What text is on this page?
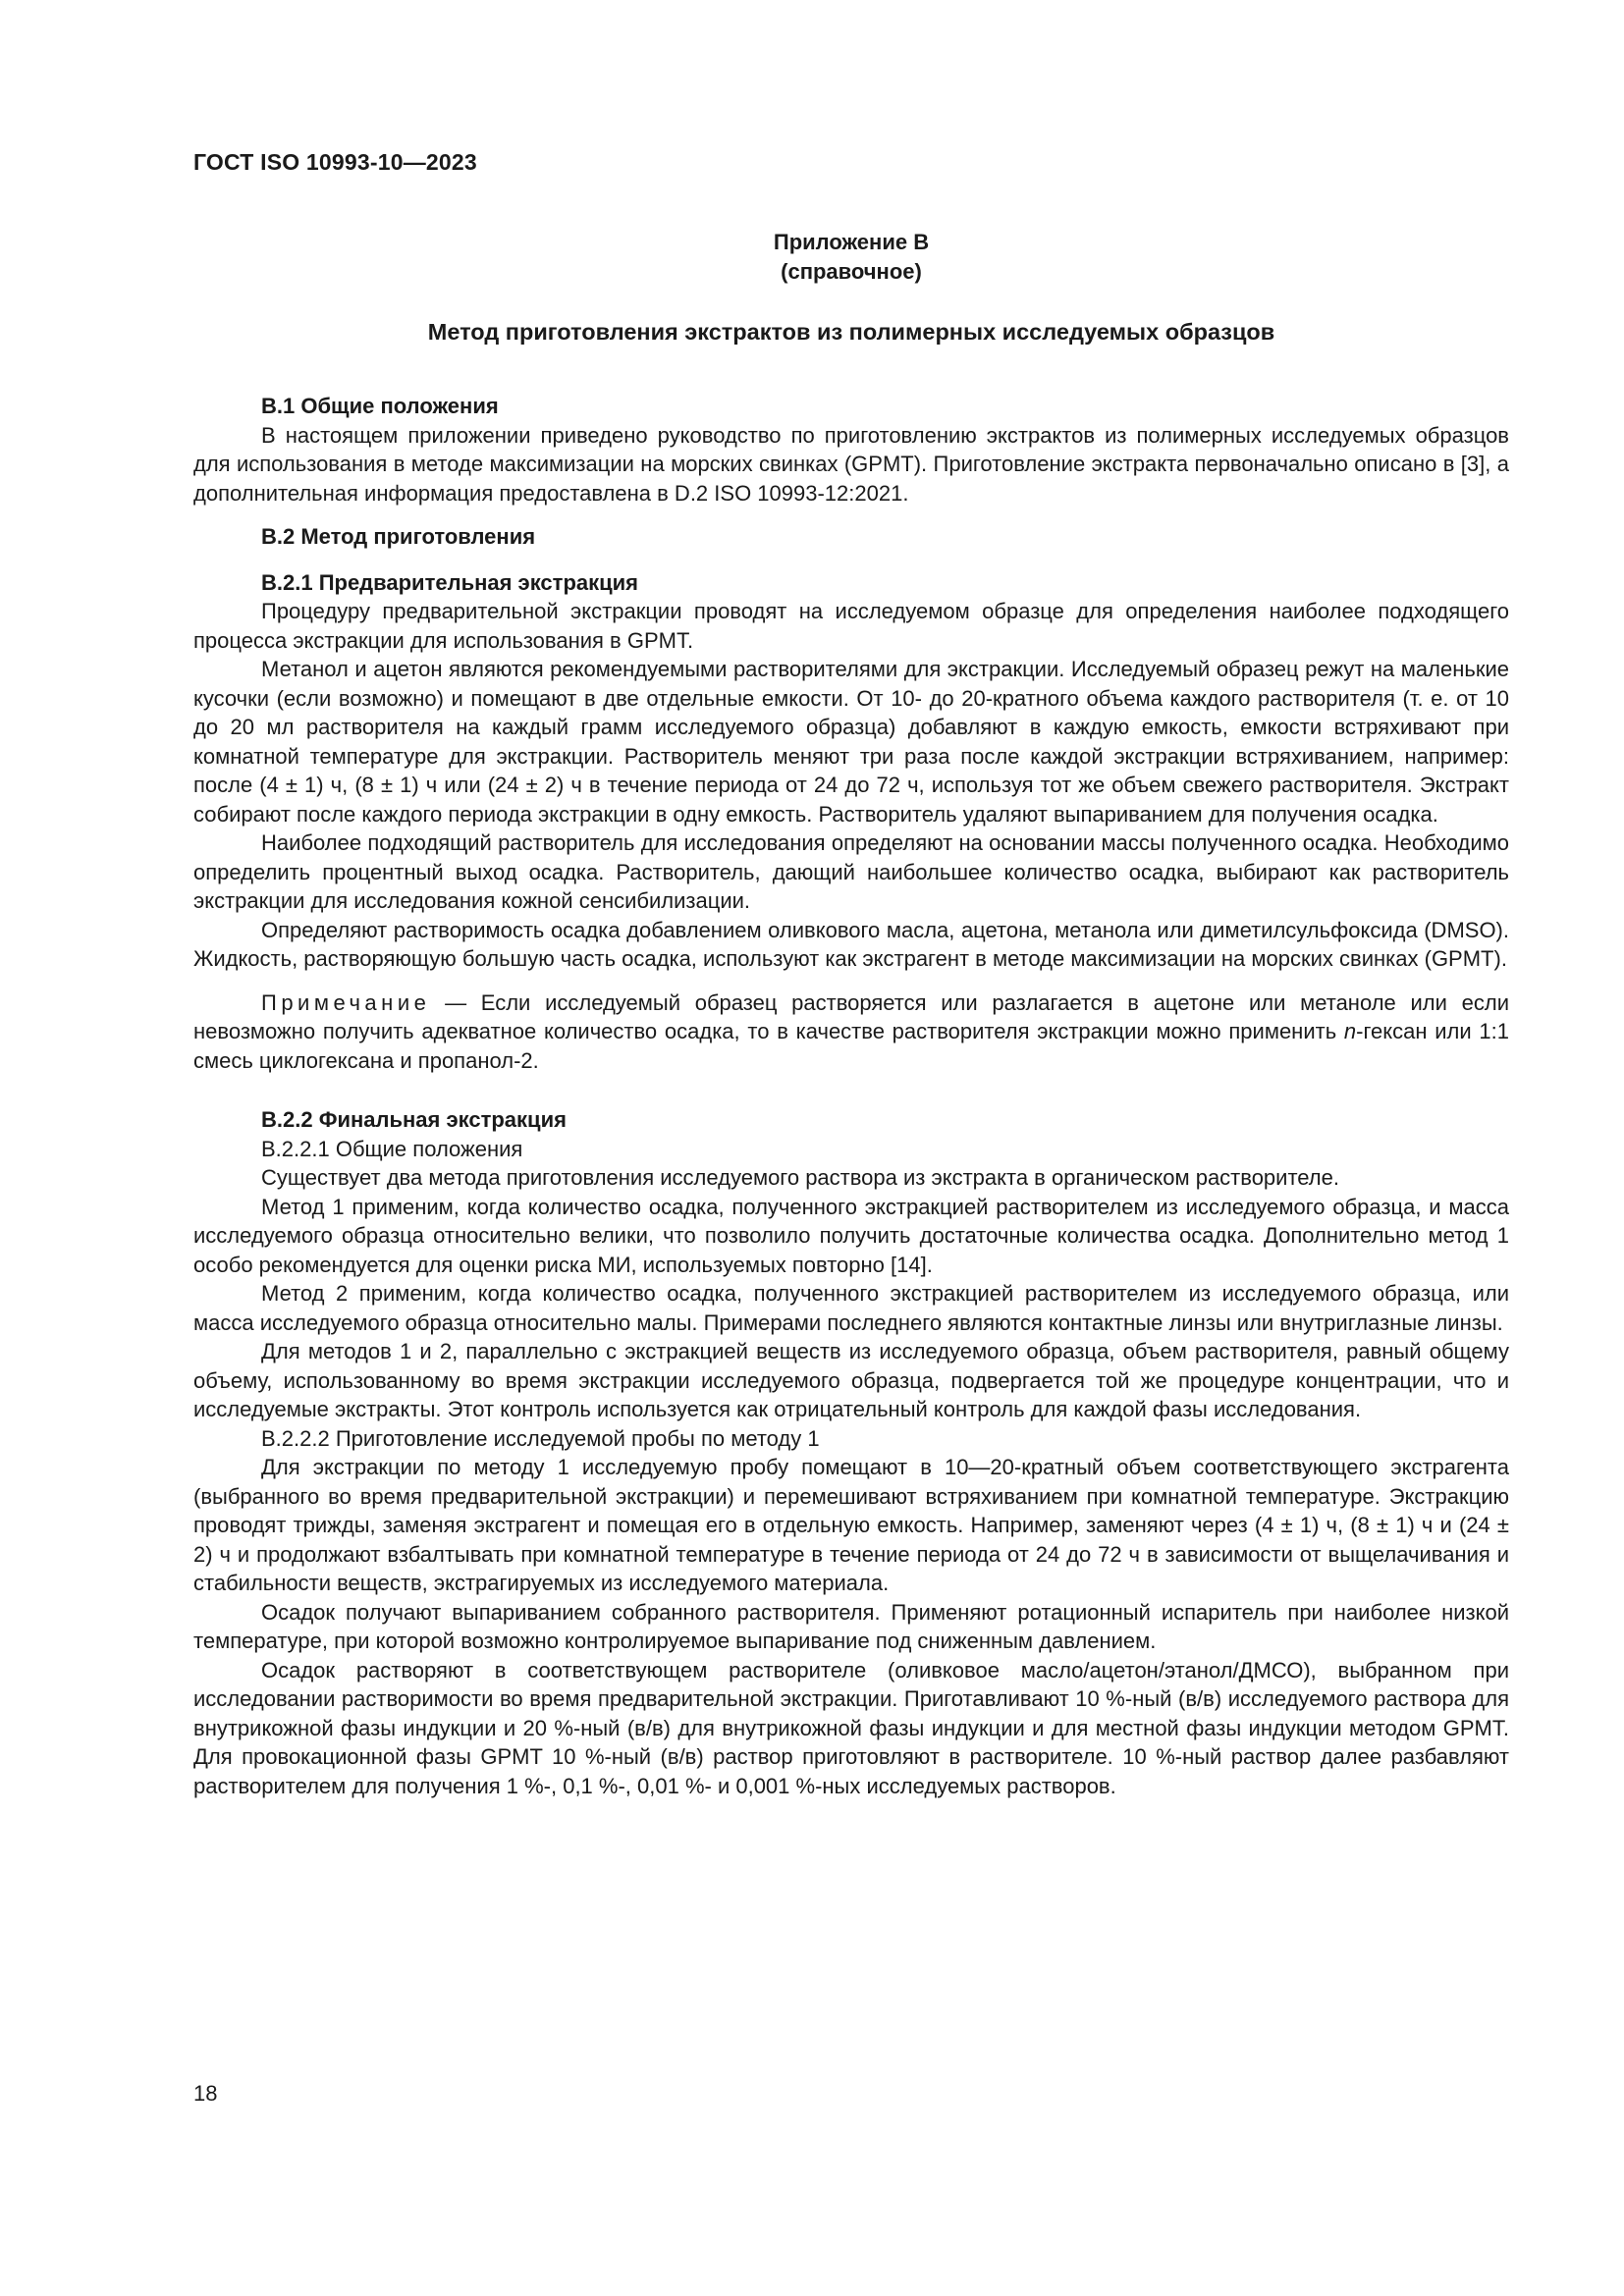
ГОСТ ISO 10993-10—2023
Приложение B
(справочное)
Метод приготовления экстрактов из полимерных исследуемых образцов

B.1 Общие положения

В настоящем приложении приведено руководство по приготовлению экстрактов из полимерных исследуемых образцов для использования в методе максимизации на морских свинках (GPMT). Приготовление экстракта первоначально описано в [3], а дополнительная информация предоставлена в D.2 ISO 10993-12:2021.

B.2 Метод приготовления

B.2.1 Предварительная экстракция

Процедуру предварительной экстракции проводят на исследуемом образце для определения наиболее подходящего процесса экстракции для использования в GPMT.

Метанол и ацетон являются рекомендуемыми растворителями для экстракции. Исследуемый образец режут на маленькие кусочки (если возможно) и помещают в две отдельные емкости. От 10- до 20-кратного объема каждого растворителя (т. е. от 10 до 20 мл растворителя на каждый грамм исследуемого образца) добавляют в каждую емкость, емкости встряхивают при комнатной температуре для экстракции. Растворитель меняют три раза после каждой экстракции встряхиванием, например: после (4 ± 1) ч, (8 ± 1) ч или (24 ± 2) ч в течение периода от 24 до 72 ч, используя тот же объем свежего растворителя. Экстракт собирают после каждого периода экстракции в одну емкость. Растворитель удаляют выпариванием для получения осадка.

Наиболее подходящий растворитель для исследования определяют на основании массы полученного осадка. Необходимо определить процентный выход осадка. Растворитель, дающий наибольшее количество осадка, выбирают как растворитель экстракции для исследования кожной сенсибилизации.

Определяют растворимость осадка добавлением оливкового масла, ацетона, метанола или диметилсульфоксида (DMSO). Жидкость, растворяющую большую часть осадка, используют как экстрагент в методе максимизации на морских свинках (GPMT).

Примечание — Если исследуемый образец растворяется или разлагается в ацетоне или метаноле или если невозможно получить адекватное количество осадка, то в качестве растворителя экстракции можно применить n-гексан или 1:1 смесь циклогексана и пропанол-2.

B.2.2 Финальная экстракция

B.2.2.1 Общие положения

Существует два метода приготовления исследуемого раствора из экстракта в органическом растворителе.

Метод 1 применим, когда количество осадка, полученного экстракцией растворителем из исследуемого образца, и масса исследуемого образца относительно велики, что позволило получить достаточные количества осадка. Дополнительно метод 1 особо рекомендуется для оценки риска МИ, используемых повторно [14].

Метод 2 применим, когда количество осадка, полученного экстракцией растворителем из исследуемого образца, или масса исследуемого образца относительно малы. Примерами последнего являются контактные линзы или внутриглазные линзы.

Для методов 1 и 2, параллельно с экстракцией веществ из исследуемого образца, объем растворителя, равный общему объему, использованному во время экстракции исследуемого образца, подвергается той же процедуре концентрации, что и исследуемые экстракты. Этот контроль используется как отрицательный контроль для каждой фазы исследования.

B.2.2.2 Приготовление исследуемой пробы по методу 1

Для экстракции по методу 1 исследуемую пробу помещают в 10—20-кратный объем соответствующего экстрагента (выбранного во время предварительной экстракции) и перемешивают встряхиванием при комнатной температуре. Экстракцию проводят трижды, заменяя экстрагент и помещая его в отдельную емкость. Например, заменяют через (4 ± 1) ч, (8 ± 1) ч и (24 ± 2) ч и продолжают взбалтывать при комнатной температуре в течение периода от 24 до 72 ч в зависимости от выщелачивания и стабильности веществ, экстрагируемых из исследуемого материала.

Осадок получают выпариванием собранного растворителя. Применяют ротационный испаритель при наиболее низкой температуре, при которой возможно контролируемое выпаривание под сниженным давлением.

Осадок растворяют в соответствующем растворителе (оливковое масло/ацетон/этанол/ДМСО), выбранном при исследовании растворимости во время предварительной экстракции. Приготавливают 10 %-ный (в/в) исследуемого раствора для внутрикожной фазы индукции и 20 %-ный (в/в) для внутрикожной фазы индукции и для местной фазы индукции методом GPMT. Для провокационной фазы GPMT 10 %-ный (в/в) раствор приготовляют в растворителе. 10 %-ный раствор далее разбавляют растворителем для получения 1 %-, 0,1 %-, 0,01 %- и 0,001 %-ных исследуемых растворов.

18
